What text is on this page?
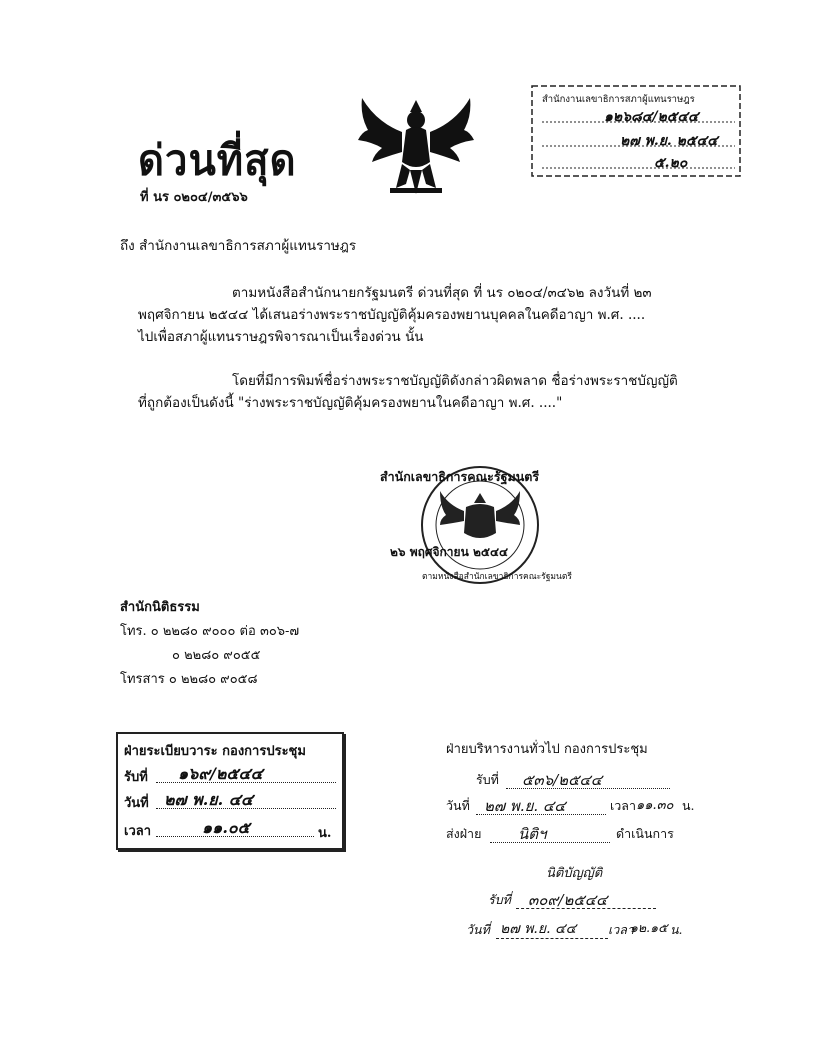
สำนักงานเลขาธิการสภาผู้แทนราษฎร
๑๒๖๘๔/๒๕๔๔
๒๗ พ.ย. ๒๕๔๔
๕.๒๐
ด่วนที่สุด
ที่ นร ๐๒๐๔/๓๕๖๖
ถึง สำนักงานเลขาธิการสภาผู้แทนราษฎร
ตามหนังสือสำนักนายกรัฐมนตรี ด่วนที่สุด ที่ นร ๐๒๐๔/๓๔๖๒ ลงวันที่ ๒๓
พฤศจิกายน ๒๕๔๔ ได้เสนอร่างพระราชบัญญัติคุ้มครองพยานบุคคลในคดีอาญา พ.ศ. ....
ไปเพื่อสภาผู้แทนราษฎรพิจารณาเป็นเรื่องด่วน นั้น
โดยที่มีการพิมพ์ชื่อร่างพระราชบัญญัติดังกล่าวผิดพลาด ชื่อร่างพระราชบัญญัติ
ที่ถูกต้องเป็นดังนี้ "ร่างพระราชบัญญัติคุ้มครองพยานในคดีอาญา พ.ศ. ...."
สำนักเลขาธิการคณะรัฐมนตรี
๒๖ พฤศจิกายน ๒๕๔๔
ตามหนังสือสำนักเลขาธิการคณะรัฐมนตรี
สำนักนิติธรรม
โทร. ๐ ๒๒๘๐ ๙๐๐๐ ต่อ ๓๐๖-๗
๐ ๒๒๘๐ ๙๐๕๕
โทรสาร ๐ ๒๒๘๐ ๙๐๕๘
ฝ่ายระเบียบวาระ กองการประชุม
รับที่ ๑๖๙/๒๕๔๔
วันที่ ๒๗ พ.ย. ๔๔
เวลา	๑๑.๐๕	น.
ฝ่ายบริหารงานทั่วไป กองการประชุม
รับที่ ๕๓๖/๒๕๔๔
วันที่ ๒๗ พ.ย. ๔๔	เวลา ๑๑.๓๐ น.
ส่งฝ่าย นิติฯ	ดำเนินการ
นิติบัญญัติ
รับที่ ๓๐๙/๒๕๔๔
วันที่ ๒๗ พ.ย. ๔๔	เวลา
๑๒.๑๕ น.
